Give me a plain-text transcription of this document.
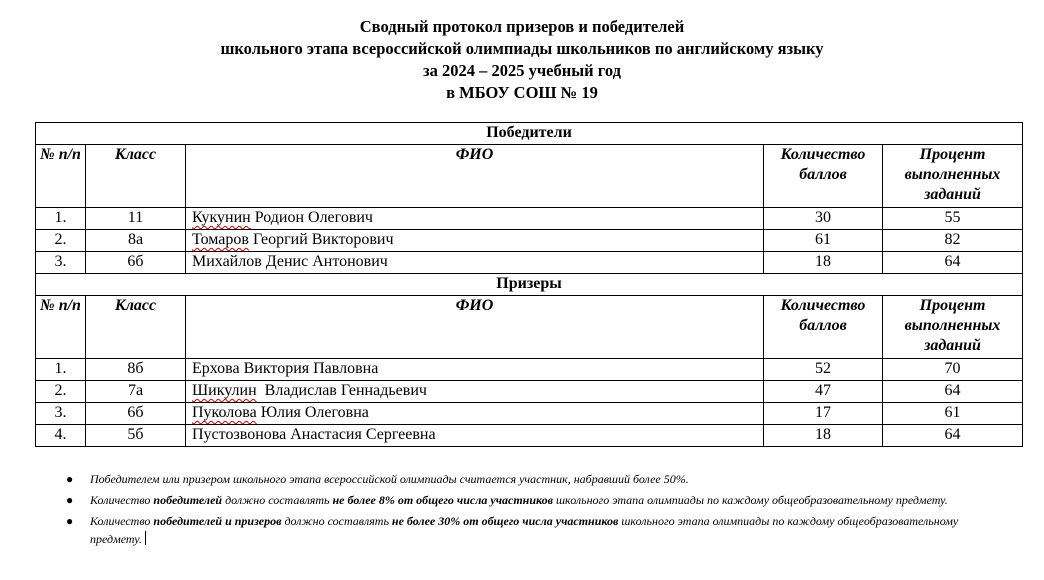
Сводный протокол призеров и победителей
школьного этапа всероссийской олимпиады школьников по английскому языку
за 2024 – 2025 учебный год
в МБОУ СОШ № 19
Победители				
№ п/п	Класс	ФИО	Количество баллов	Процент выполненных заданий
1.	11	Кукунин Родион Олегович	30	55
2.	8а	Томаров Георгий Викторович	61	82
3.	6б	Михайлов Денис Антонович	18	64
Призеры				
№ п/п	Класс	ФИО	Количество баллов	Процент выполненных заданий
1.	8б	Ерхова Виктория Павловна	52	70
2.	7а	Шикулин  Владислав Геннадьевич	47	64
3.	6б	Пуколова Юлия Олеговна	17	61
4.	5б	Пустозвонова Анастасия Сергеевна	18	64
● Победителем или призером школьного этапа всероссийской олимпиады считается участник, набравший более 50%.
● Количество победителей должно составлять не более 8% от общего числа участников школьного этапа олимпиады по каждому общеобразовательному предмету.
● Количество победителей и призеров должно составлять не более 30% от общего числа участников школьного этапа олимпиады по каждому общеобразовательному предмету.
